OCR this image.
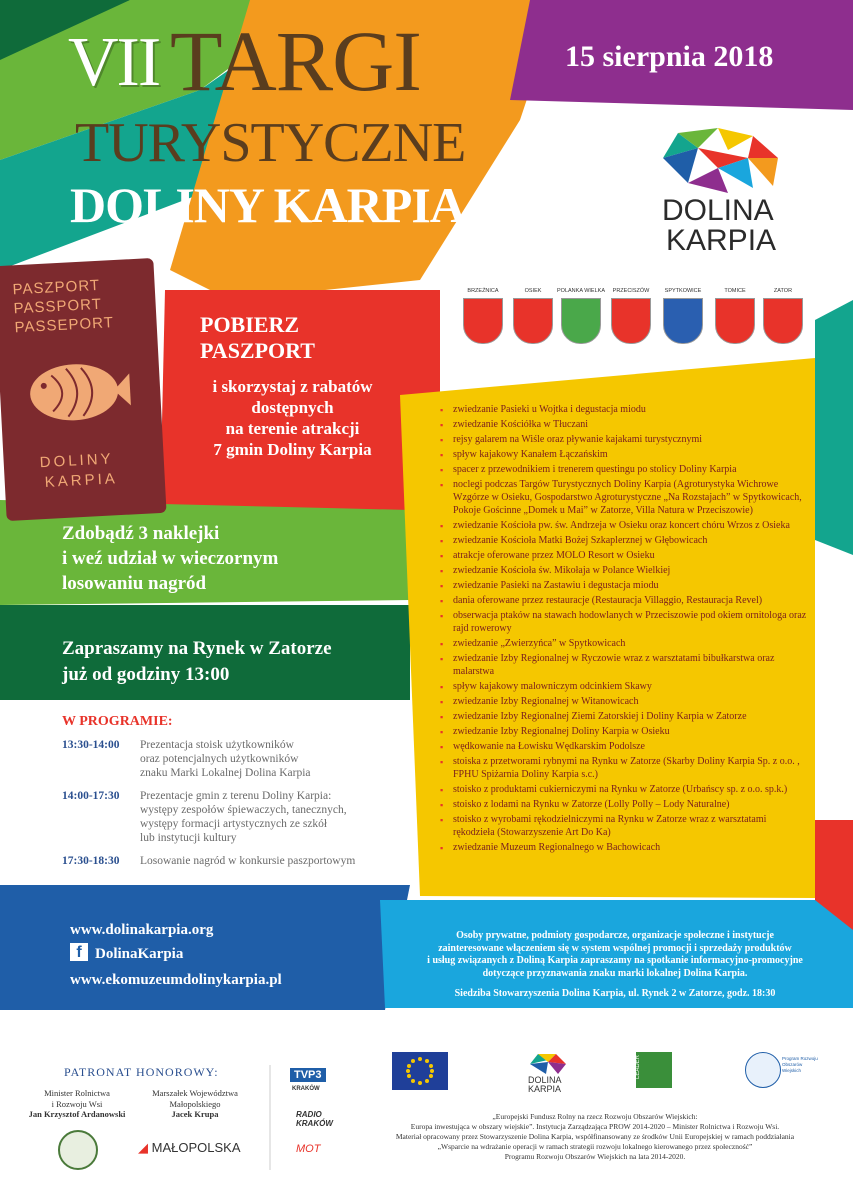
VII TARGI
TURYSTYCZNE
DOLINY KARPIA
15 sierpnia 2018
DOLINA
KARPIA
BRZEŹNICA	OSIEK	POLANKA WIELKA	PRZECISZÓW	SPYTKOWICE	TOMICE	ZATOR
PASZPORT
PASSPORT
PASSEPORT
DOLINY
KARPIA
POBIERZ
PASZPORT
i skorzystaj z rabatów
dostępnych
na terenie atrakcji
7 gmin Doliny Karpia
Zdobądź 3 naklejki
i weź udział w wieczornym
losowaniu nagród
Zapraszamy na Rynek w Zatorze
już od godziny 13:00
W PROGRAMIE:
13:30-14:00	Prezentacja stoisk użytkowników
oraz potencjalnych użytkowników
znaku Marki Lokalnej Dolina Karpia
14:00-17:30	Prezentacje gmin z terenu Doliny Karpia:
występy zespołów śpiewaczych, tanecznych,
występy formacji artystycznych ze szkół
lub instytucji kultury
17:30-18:30	Losowanie nagród w konkursie paszportowym
▪ zwiedzanie Pasieki u Wojtka i degustacja miodu
▪ zwiedzanie Kościółka w Tłuczani
▪ rejsy galarem na Wiśle oraz pływanie kajakami turystycznymi
▪ spływ kajakowy Kanałem Łączańskim
▪ spacer z przewodnikiem i trenerem questingu po stolicy Doliny Karpia
▪ noclegi podczas Targów Turystycznych Doliny Karpia (Agroturystyka Wichrowe Wzgórze w Osieku, Gospodarstwo Agroturystyczne „Na Rozstajach” w Spytkowicach, Pokoje Gościnne „Domek u Mai” w Zatorze, Villa Natura w Przeciszowie)
▪ zwiedzanie Kościoła pw. św. Andrzeja w Osieku oraz koncert chóru Wrzos z Osieka
▪ zwiedzanie Kościoła Matki Bożej Szkaplerznej w Głębowicach
▪ atrakcje oferowane przez MOLO Resort w Osieku
▪ zwiedzanie Kościoła św. Mikołaja w Polance Wielkiej
▪ zwiedzanie Pasieki na Zastawiu i degustacja miodu
▪ dania oferowane przez restauracje (Restauracja Villaggio, Restauracja Revel)
▪ obserwacja ptaków na stawach hodowlanych w Przeciszowie pod okiem ornitologa oraz rajd rowerowy
▪ zwiedzanie „Zwierzyńca” w Spytkowicach
▪ zwiedzanie Izby Regionalnej w Ryczowie wraz z warsztatami bibułkarstwa oraz malarstwa
▪ spływ kajakowy malowniczym odcinkiem Skawy
▪ zwiedzanie Izby Regionalnej w Witanowicach
▪ zwiedzanie Izby Regionalnej Ziemi Zatorskiej i Doliny Karpia w Zatorze
▪ zwiedzanie Izby Regionalnej Doliny Karpia w Osieku
▪ wędkowanie na Łowisku Wędkarskim Podolsze
▪ stoiska z przetworami rybnymi na Rynku w Zatorze (Skarby Doliny Karpia Sp. z o.o. , FPHU Spiżarnia Doliny Karpia s.c.)
▪ stoisko z produktami cukierniczymi na Rynku w Zatorze (Urbańscy sp. z o.o. sp.k.)
▪ stoisko z lodami na Rynku w Zatorze (Lolly Polly – Lody Naturalne)
▪ stoisko z wyrobami rękodzielniczymi na Rynku w Zatorze wraz z warsztatami rękodzieła (Stowarzyszenie Art Do Ka)
▪ zwiedzanie Muzeum Regionalnego w Bachowicach
www.dolinakarpia.org
f DolinaKarpia
www.ekomuzeumdolinykarpia.pl
Osoby prywatne, podmioty gospodarcze, organizacje społeczne i instytucje
zainteresowane włączeniem się w system wspólnej promocji i sprzedaży produktów
i usług związanych z Doliną Karpia zapraszamy na spotkanie informacyjno-promocyjne
dotyczące przyznawania znaku marki lokalnej Dolina Karpia.
Siedziba Stowarzyszenia Dolina Karpia, ul. Rynek 2 w Zatorze, godz. 18:30
PATRONAT HONOROWY:
Minister Rolnictwa
i Rozwoju Wsi
Jan Krzysztof Ardanowski
Marszałek Województwa
Małopolskiego
Jacek Krupa
◢ MAŁOPOLSKA
TVP3
KRAKÓW
RADIO
KRAKÓW
MOT
DOLINA
KARPIA
LEADER	Program Rozwoju Obszarów Wiejskich
„Europejski Fundusz Rolny na rzecz Rozwoju Obszarów Wiejskich:
Europa inwestująca w obszary wiejskie”. Instytucja Zarządzająca PROW 2014-2020 – Minister Rolnictwa i Rozwoju Wsi.
Materiał opracowany przez Stowarzyszenie Dolina Karpia, współfinansowany ze środków Unii Europejskiej w ramach poddziałania
„Wsparcie na wdrażanie operacji w ramach strategii rozwoju lokalnego kierowanego przez społeczność”
Programu Rozwoju Obszarów Wiejskich na lata 2014-2020.
